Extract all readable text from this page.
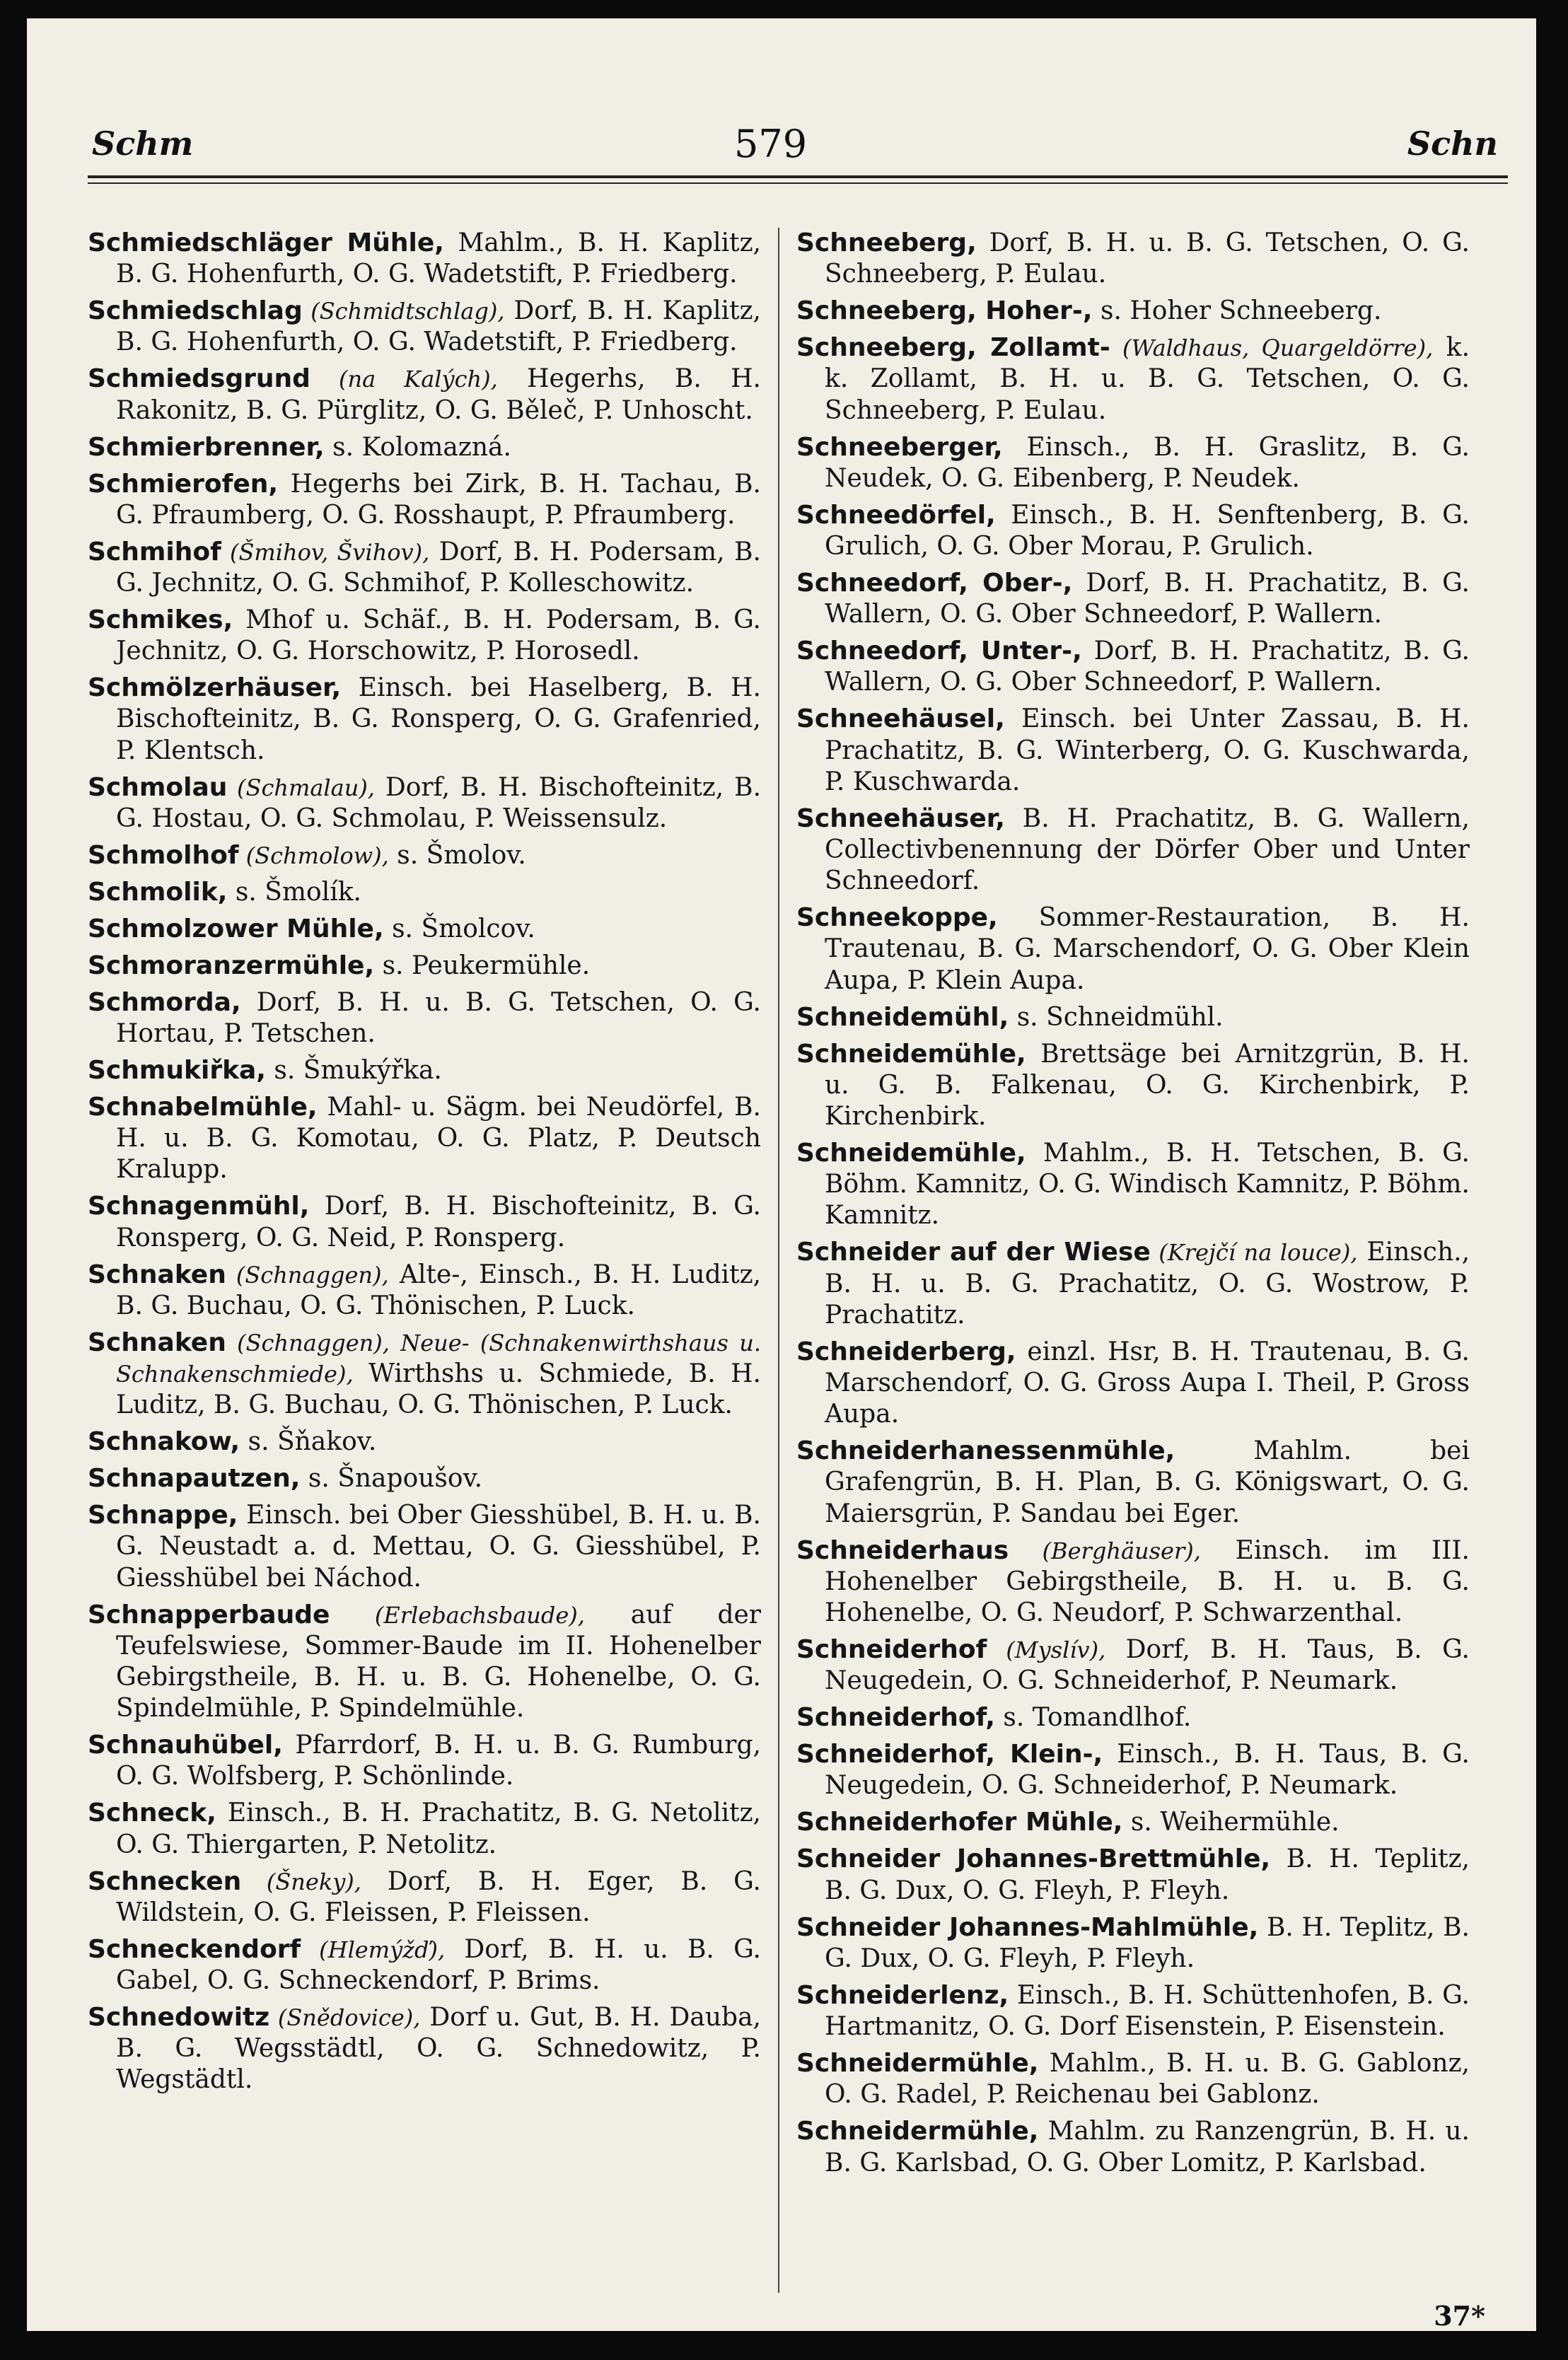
Schm	579	Schn

Schmiedschläger Mühle, Mahlm., B. H. Kaplitz, B. G. Hohenfurth, O. G. Wadetstift, P. Friedberg.

Schmiedschlag (Schmidtschlag), Dorf, B. H. Kaplitz, B. G. Hohenfurth, O. G. Wadetstift, P. Friedberg.

Schmiedsgrund (na Kalých), Hegerhs, B. H. Rakonitz, B. G. Pürglitz, O. G. Běleč, P. Unhoscht.

Schmierbrenner, s. Kolomazná.

Schmierofen, Hegerhs bei Zirk, B. H. Tachau, B. G. Pfraumberg, O. G. Rosshaupt, P. Pfraumberg.

Schmihof (Šmihov, Švihov), Dorf, B. H. Podersam, B. G. Jechnitz, O. G. Schmihof, P. Kolleschowitz.

Schmikes, Mhof u. Schäf., B. H. Podersam, B. G. Jechnitz, O. G. Horschowitz, P. Horosedl.

Schmölzerhäuser, Einsch. bei Haselberg, B. H. Bischofteinitz, B. G. Ronsperg, O. G. Grafenried, P. Klentsch.

Schmolau (Schmalau), Dorf, B. H. Bischofteinitz, B. G. Hostau, O. G. Schmolau, P. Weissensulz.

Schmolhof (Schmolow), s. Šmolov.

Schmolik, s. Šmolík.

Schmolzower Mühle, s. Šmolcov.

Schmoranzermühle, s. Peukermühle.

Schmorda, Dorf, B. H. u. B. G. Tetschen, O. G. Hortau, P. Tetschen.

Schmukiřka, s. Šmukýřka.

Schnabelmühle, Mahl- u. Sägm. bei Neudörfel, B. H. u. B. G. Komotau, O. G. Platz, P. Deutsch Kralupp.

Schnagenmühl, Dorf, B. H. Bischofteinitz, B. G. Ronsperg, O. G. Neid, P. Ronsperg.

Schnaken (Schnaggen), Alte-, Einsch., B. H. Luditz, B. G. Buchau, O. G. Thönischen, P. Luck.

Schnaken (Schnaggen), Neue- (Schnakenwirthshaus u. Schnakenschmiede), Wirthshs u. Schmiede, B. H. Luditz, B. G. Buchau, O. G. Thönischen, P. Luck.

Schnakow, s. Šňakov.

Schnapautzen, s. Šnapoušov.

Schnappe, Einsch. bei Ober Giesshübel, B. H. u. B. G. Neustadt a. d. Mettau, O. G. Giesshübel, P. Giesshübel bei Náchod.

Schnapperbaude (Erlebachsbaude), auf der Teufelswiese, Sommer-Baude im II. Hohenelber Gebirgstheile, B. H. u. B. G. Hohenelbe, O. G. Spindelmühle, P. Spindelmühle.

Schnauhübel, Pfarrdorf, B. H. u. B. G. Rumburg, O. G. Wolfsberg, P. Schönlinde.

Schneck, Einsch., B. H. Prachatitz, B. G. Netolitz, O. G. Thiergarten, P. Netolitz.

Schnecken (Šneky), Dorf, B. H. Eger, B. G. Wildstein, O. G. Fleissen, P. Fleissen.

Schneckendorf (Hlemýžď), Dorf, B. H. u. B. G. Gabel, O. G. Schneckendorf, P. Brims.

Schnedowitz (Snědovice), Dorf u. Gut, B. H. Dauba, B. G. Wegsstädtl, O. G. Schnedowitz, P. Wegstädtl.

Schneeberg, Dorf, B. H. u. B. G. Tetschen, O. G. Schneeberg, P. Eulau.

Schneeberg, Hoher-, s. Hoher Schneeberg.

Schneeberg, Zollamt- (Waldhaus, Quargeldörre), k. k. Zollamt, B. H. u. B. G. Tetschen, O. G. Schneeberg, P. Eulau.

Schneeberger, Einsch., B. H. Graslitz, B. G. Neudek, O. G. Eibenberg, P. Neudek.

Schneedörfel, Einsch., B. H. Senftenberg, B. G. Grulich, O. G. Ober Morau, P. Grulich.

Schneedorf, Ober-, Dorf, B. H. Prachatitz, B. G. Wallern, O. G. Ober Schneedorf, P. Wallern.

Schneedorf, Unter-, Dorf, B. H. Prachatitz, B. G. Wallern, O. G. Ober Schneedorf, P. Wallern.

Schneehäusel, Einsch. bei Unter Zassau, B. H. Prachatitz, B. G. Winterberg, O. G. Kuschwarda, P. Kuschwarda.

Schneehäuser, B. H. Prachatitz, B. G. Wallern, Collectivbenennung der Dörfer Ober und Unter Schneedorf.

Schneekoppe, Sommer-Restauration, B. H. Trautenau, B. G. Marschendorf, O. G. Ober Klein Aupa, P. Klein Aupa.

Schneidemühl, s. Schneidmühl.

Schneidemühle, Brettsäge bei Arnitzgrün, B. H. u. G. B. Falkenau, O. G. Kirchenbirk, P. Kirchenbirk.

Schneidemühle, Mahlm., B. H. Tetschen, B. G. Böhm. Kamnitz, O. G. Windisch Kamnitz, P. Böhm. Kamnitz.

Schneider auf der Wiese (Krejčí na louce), Einsch., B. H. u. B. G. Prachatitz, O. G. Wostrow, P. Prachatitz.

Schneiderberg, einzl. Hsr, B. H. Trautenau, B. G. Marschendorf, O. G. Gross Aupa I. Theil, P. Gross Aupa.

Schneiderhanessenmühle, Mahlm. bei Grafengrün, B. H. Plan, B. G. Königswart, O. G. Maiersgrün, P. Sandau bei Eger.

Schneiderhaus (Berghäuser), Einsch. im III. Hohenelber Gebirgstheile, B. H. u. B. G. Hohenelbe, O. G. Neudorf, P. Schwarzenthal.

Schneiderhof (Myslív), Dorf, B. H. Taus, B. G. Neugedein, O. G. Schneiderhof, P. Neumark.

Schneiderhof, s. Tomandlhof.

Schneiderhof, Klein-, Einsch., B. H. Taus, B. G. Neugedein, O. G. Schneiderhof, P. Neumark.

Schneiderhofer Mühle, s. Weihermühle.

Schneider Johannes-Brettmühle, B. H. Teplitz, B. G. Dux, O. G. Fleyh, P. Fleyh.

Schneider Johannes-Mahlmühle, B. H. Teplitz, B. G. Dux, O. G. Fleyh, P. Fleyh.

Schneiderlenz, Einsch., B. H. Schüttenhofen, B. G. Hartmanitz, O. G. Dorf Eisenstein, P. Eisenstein.

Schneidermühle, Mahlm., B. H. u. B. G. Gablonz, O. G. Radel, P. Reichenau bei Gablonz.

Schneidermühle, Mahlm. zu Ranzengrün, B. H. u. B. G. Karlsbad, O. G. Ober Lomitz, P. Karlsbad.

37*
